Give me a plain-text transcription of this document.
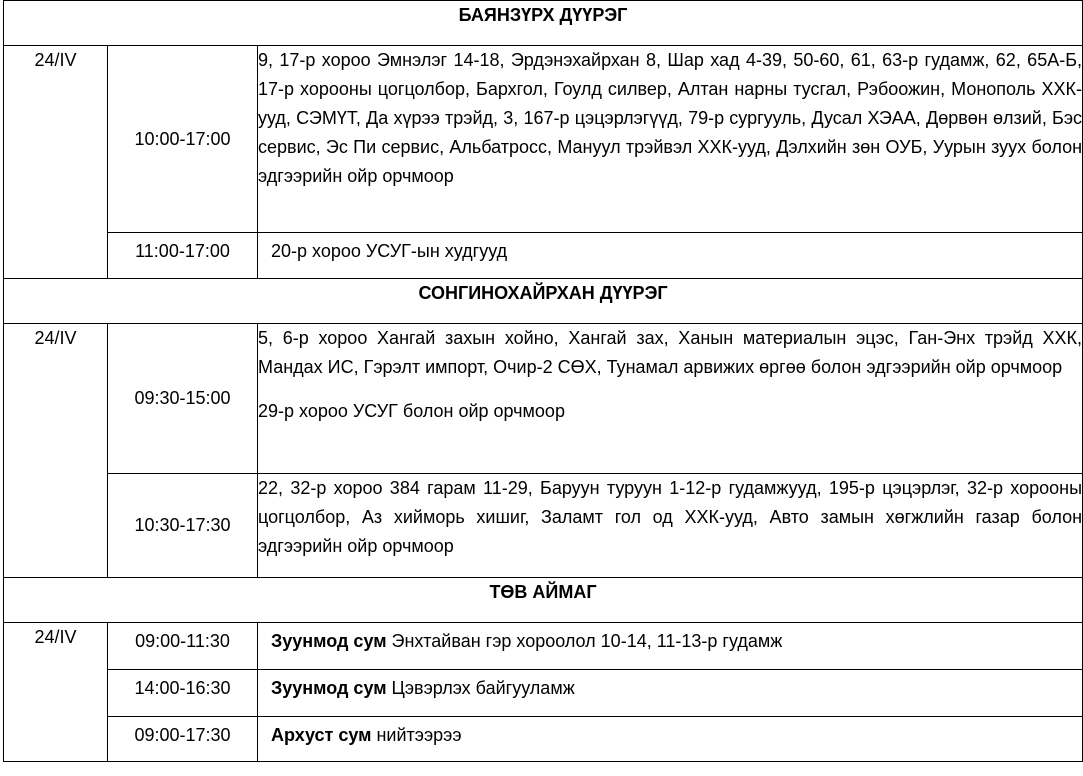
БАЯНЗҮРХ ДҮҮРЭГ		
24/IV	10:00-17:00	9, 17-р хороо Эмнэлэг 14-18, Эрдэнэхайрхан 8, Шар хад 4-39, 50-60, 61, 63-р гудамж, 62, 65А-Б, 17-р хорооны цогцолбор, Бархгол, Гоулд силвер, Алтан нарны тусгал, Рэбоожин, Монополь ХХК-ууд, СЭМҮТ, Да хүрээ трэйд, 3, 167-р цэцэрлэгүүд, 79-р сургууль, Дусал ХЭАА, Дөрвөн өлзий, Бэс сервис, Эс Пи сервис, Альбатросс, Мануул трэйвэл ХХК-ууд, Дэлхийн зөн ОУБ, Уурын зуух болон эдгээрийн ойр орчмоор
	11:00-17:00	20-р хороо УСУГ-ын худгууд
СОНГИНОХАЙРХАН ДҮҮРЭГ		
24/IV	09:30-15:00	5, 6-р хороо Хангай захын хойно, Хангай зах, Ханын материалын эцэс, Ган-Энх трэйд ХХК, Мандах ИС, Гэрэлт импорт, Очир-2 СӨХ, Тунамал арвижих өргөө болон эдгээрийн ойр орчмоор
29-р хороо УСУГ болон ойр орчмоор

	10:30-17:30	22, 32-р хороо 384 гарам 11-29, Баруун туруун 1-12-р гудамжууд, 195-р цэцэрлэг, 32-р хорооны цогцолбор, Аз хийморь хишиг, Заламт гол од ХХК-ууд, Авто замын хөгжлийн газар болон эдгээрийн ойр орчмоор
ТӨВ АЙМАГ		
24/IV	09:00-11:30	Зуунмод сум Энхтайван гэр хороолол 10-14, 11-13-р гудамж
	14:00-16:30	Зуунмод сум Цэвэрлэх байгууламж
	09:00-17:30	Архуст сум нийтээрээ
